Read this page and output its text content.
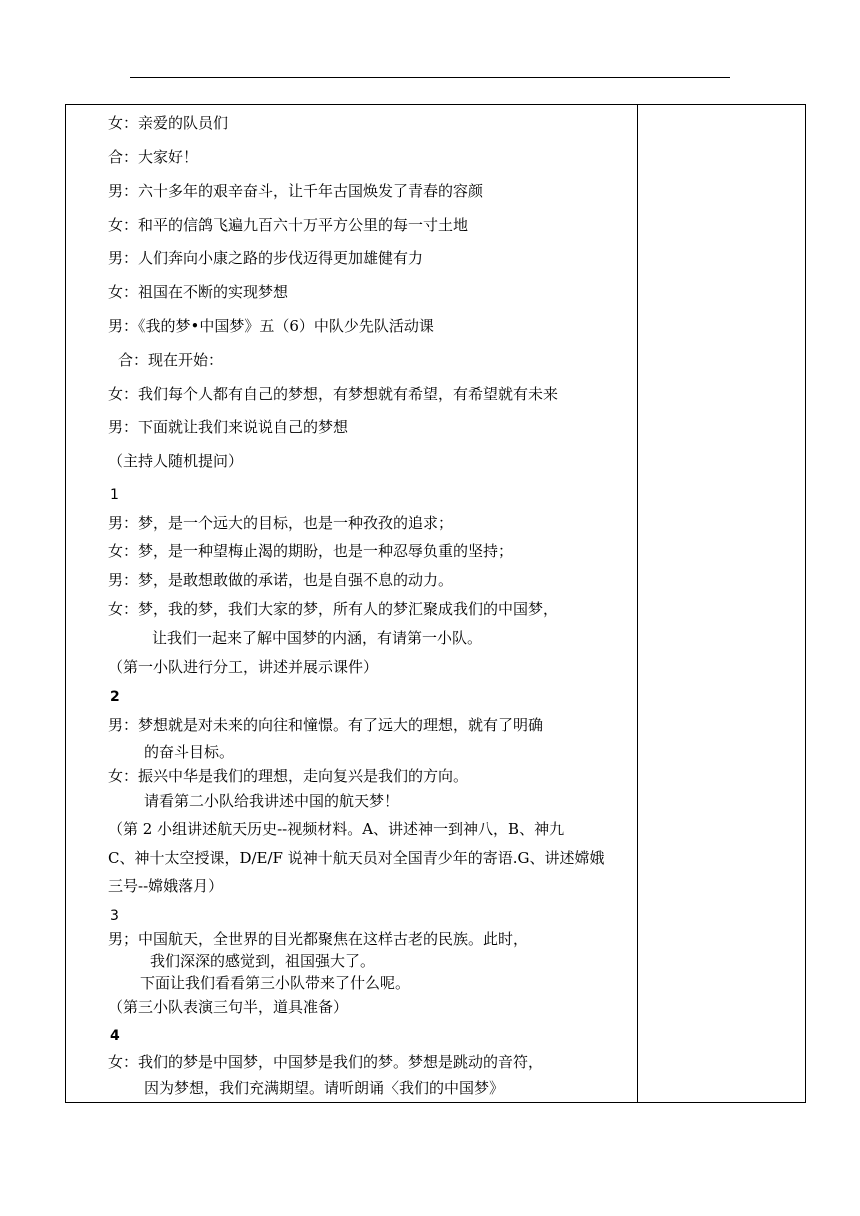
女：亲爱的队员们
合：大家好！
男：六十多年的艰辛奋斗，让千年古国焕发了青春的容颜
女：和平的信鸽飞遍九百六十万平方公里的每一寸土地
男：人们奔向小康之路的步伐迈得更加雄健有力
女：祖国在不断的实现梦想
男：《我的梦•中国梦》五（6）中队少先队活动课
合：现在开始：
女：我们每个人都有自己的梦想，有梦想就有希望，有希望就有未来
男：下面就让我们来说说自己的梦想
（主持人随机提问）
1
男：梦，是一个远大的目标，也是一种孜孜的追求；
女：梦，是一种望梅止渴的期盼，也是一种忍辱负重的坚持；
男：梦，是敢想敢做的承诺，也是自强不息的动力。
女：梦，我的梦，我们大家的梦，所有人的梦汇聚成我们的中国梦，
让我们一起来了解中国梦的内涵，有请第一小队。
（第一小队进行分工，讲述并展示课件）
2
男：梦想就是对未来的向往和憧憬。有了远大的理想，就有了明确
的奋斗目标。
女：振兴中华是我们的理想，走向复兴是我们的方向。
请看第二小队给我讲述中国的航天梦！
（第 2 小组讲述航天历史--视频材料。A、讲述神一到神八，B、神九
C、神十太空授课，D/E/F 说神十航天员对全国青少年的寄语.G、讲述嫦娥
三号--嫦娥落月）
3
男；中国航天，全世界的目光都聚焦在这样古老的民族。此时，
我们深深的感觉到，祖国强大了。
下面让我们看看第三小队带来了什么呢。
（第三小队表演三句半，道具准备）
4
女：我们的梦是中国梦，中国梦是我们的梦。梦想是跳动的音符，
因为梦想，我们充满期望。请听朗诵〈我们的中国梦》
